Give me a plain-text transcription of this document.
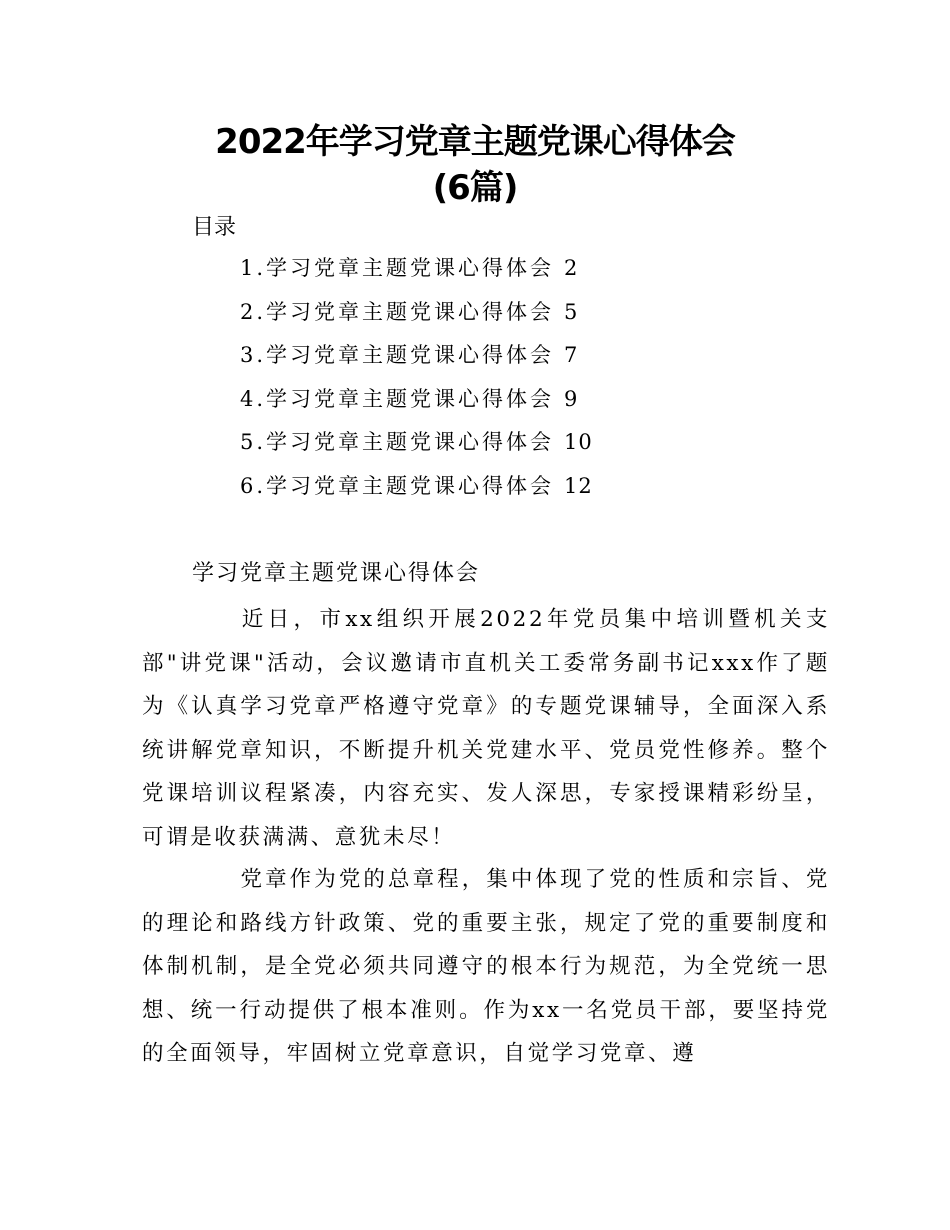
2022年学习党章主题党课心得体会
(6篇)
目录
1.学习党章主题党课心得体会 2
2.学习党章主题党课心得体会 5
3.学习党章主题党课心得体会 7
4.学习党章主题党课心得体会 9
5.学习党章主题党课心得体会 10
6.学习党章主题党课心得体会 12
学习党章主题党课心得体会

近日，市xx组织开展2022年党员集中培训暨机关支部"讲党课"活动，会议邀请市直机关工委常务副书记xxx作了题为《认真学习党章严格遵守党章》的专题党课辅导，全面深入系统讲解党章知识，不断提升机关党建水平、党员党性修养。整个党课培训议程紧凑，内容充实、发人深思，专家授课精彩纷呈，可谓是收获满满、意犹未尽！

党章作为党的总章程，集中体现了党的性质和宗旨、党的理论和路线方针政策、党的重要主张，规定了党的重要制度和体制机制，是全党必须共同遵守的根本行为规范，为全党统一思想、统一行动提供了根本准则。作为xx一名党员干部，要坚持党的全面领导，牢固树立党章意识，自觉学习党章、遵
